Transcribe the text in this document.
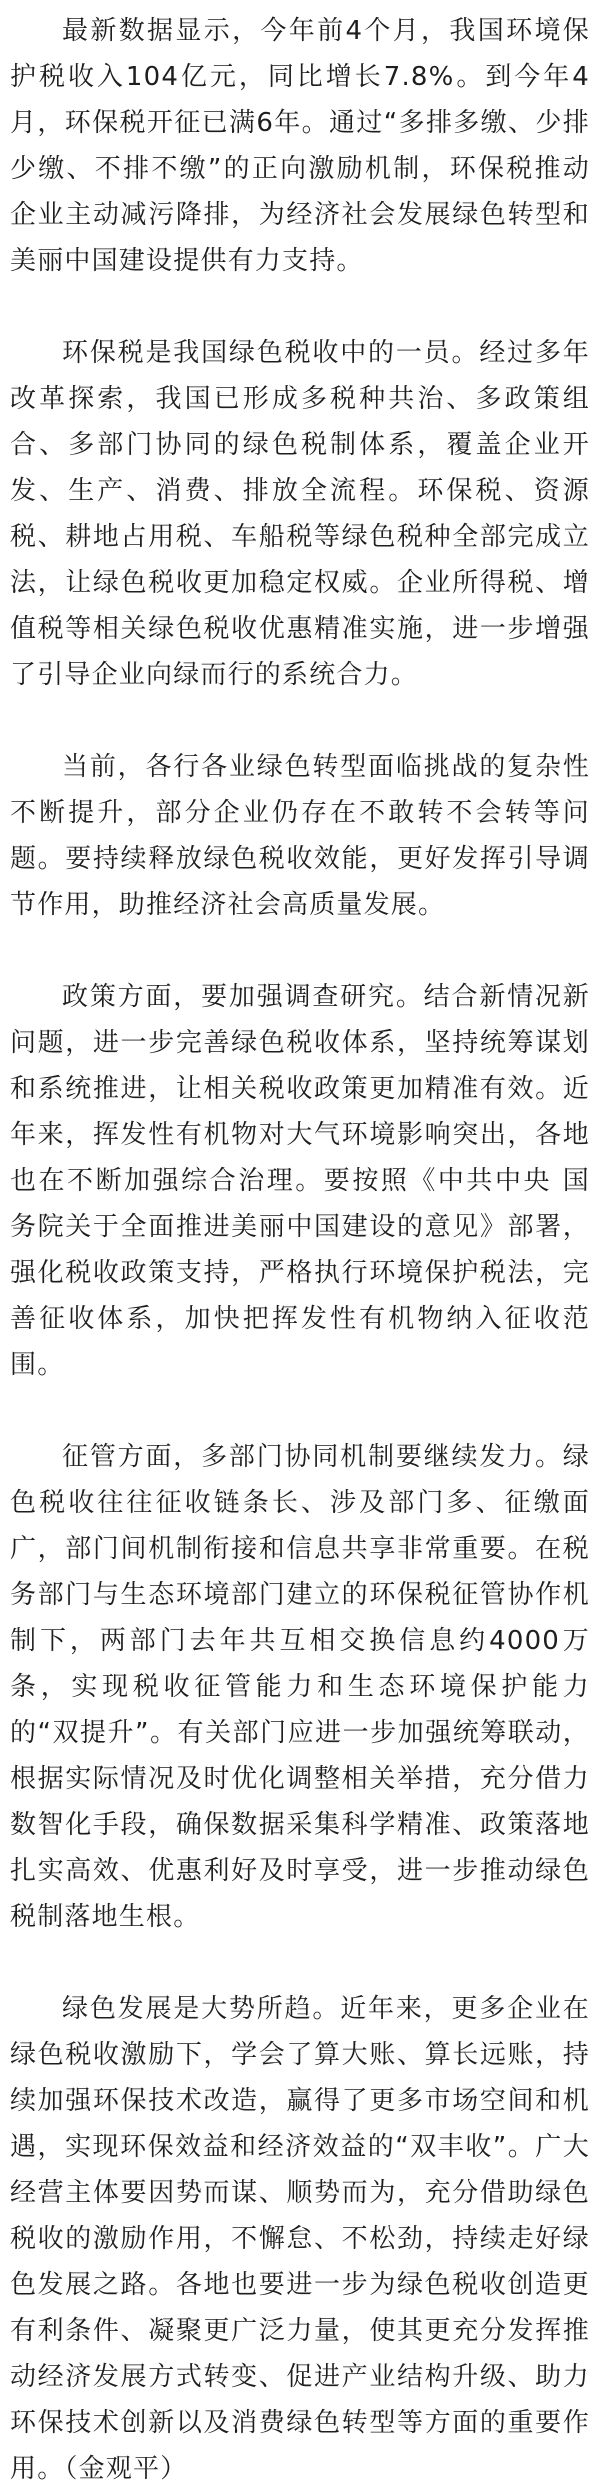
最新数据显示，今年前4个月，我国环境保护税收入104亿元，同比增长7.8%。到今年4月，环保税开征已满6年。通过“多排多缴、少排少缴、不排不缴”的正向激励机制，环保税推动企业主动减污降排，为经济社会发展绿色转型和美丽中国建设提供有力支持。

环保税是我国绿色税收中的一员。经过多年改革探索，我国已形成多税种共治、多政策组合、多部门协同的绿色税制体系，覆盖企业开发、生产、消费、排放全流程。环保税、资源税、耕地占用税、车船税等绿色税种全部完成立法，让绿色税收更加稳定权威。企业所得税、增值税等相关绿色税收优惠精准实施，进一步增强了引导企业向绿而行的系统合力。

当前，各行各业绿色转型面临挑战的复杂性不断提升，部分企业仍存在不敢转不会转等问题。要持续释放绿色税收效能，更好发挥引导调节作用，助推经济社会高质量发展。

政策方面，要加强调查研究。结合新情况新问题，进一步完善绿色税收体系，坚持统筹谋划和系统推进，让相关税收政策更加精准有效。近年来，挥发性有机物对大气环境影响突出，各地也在不断加强综合治理。要按照《中共中央 国务院关于全面推进美丽中国建设的意见》部署，强化税收政策支持，严格执行环境保护税法，完善征收体系，加快把挥发性有机物纳入征收范围。

征管方面，多部门协同机制要继续发力。绿色税收往往征收链条长、涉及部门多、征缴面广，部门间机制衔接和信息共享非常重要。在税务部门与生态环境部门建立的环保税征管协作机制下，两部门去年共互相交换信息约4000万条，实现税收征管能力和生态环境保护能力的“双提升”。有关部门应进一步加强统筹联动，根据实际情况及时优化调整相关举措，充分借力数智化手段，确保数据采集科学精准、政策落地扎实高效、优惠利好及时享受，进一步推动绿色税制落地生根。

绿色发展是大势所趋。近年来，更多企业在绿色税收激励下，学会了算大账、算长远账，持续加强环保技术改造，赢得了更多市场空间和机遇，实现环保效益和经济效益的“双丰收”。广大经营主体要因势而谋、顺势而为，充分借助绿色税收的激励作用，不懈怠、不松劲，持续走好绿色发展之路。各地也要进一步为绿色税收创造更有利条件、凝聚更广泛力量，使其更充分发挥推动经济发展方式转变、促进产业结构升级、助力环保技术创新以及消费绿色转型等方面的重要作用。（金观平）
